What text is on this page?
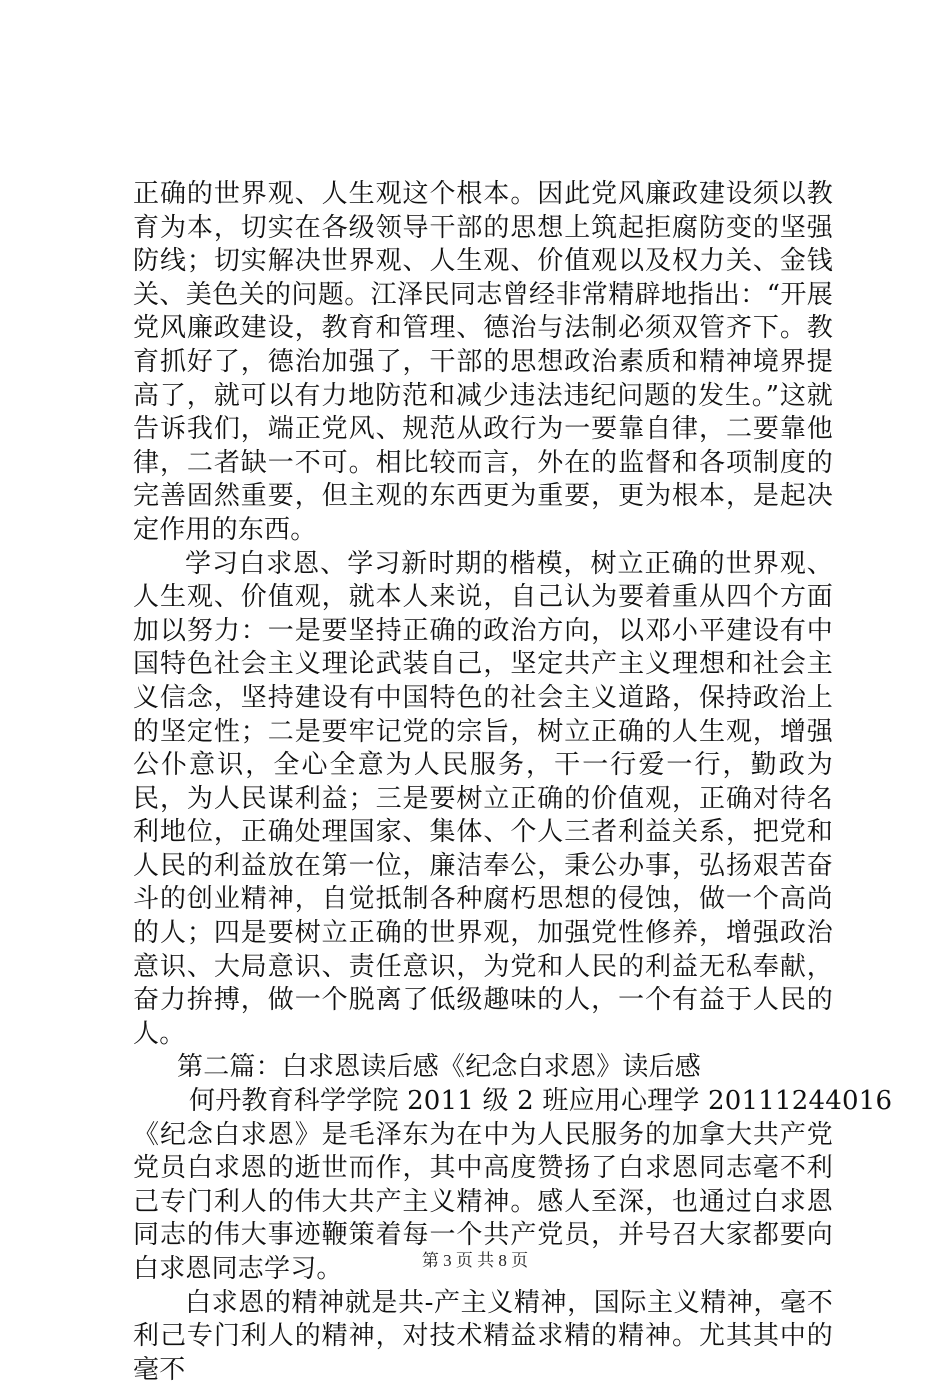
正确的世界观、人生观这个根本。因此党风廉政建设须以教育为本，切实在各级领导干部的思想上筑起拒腐防变的坚强防线；切实解决世界观、人生观、价值观以及权力关、金钱关、美色关的问题。江泽民同志曾经非常精辟地指出：“开展党风廉政建设，教育和管理、德治与法制必须双管齐下。教育抓好了，德治加强了，干部的思想政治素质和精神境界提高了，就可以有力地防范和减少违法违纪问题的发生。”这就告诉我们，端正党风、规范从政行为一要靠自律，二要靠他律，二者缺一不可。相比较而言，外在的监督和各项制度的完善固然重要，但主观的东西更为重要，更为根本，是起决定作用的东西。

学习白求恩、学习新时期的楷模，树立正确的世界观、人生观、价值观，就本人来说，自己认为要着重从四个方面加以努力：一是要坚持正确的政治方向，以邓小平建设有中国特色社会主义理论武装自己，坚定共产主义理想和社会主义信念，坚持建设有中国特色的社会主义道路，保持政治上的坚定性；二是要牢记党的宗旨，树立正确的人生观，增强公仆意识，全心全意为人民服务，干一行爱一行，勤政为民，为人民谋利益；三是要树立正确的价值观，正确对待名利地位，正确处理国家、集体、个人三者利益关系，把党和人民的利益放在第一位，廉洁奉公，秉公办事，弘扬艰苦奋斗的创业精神，自觉抵制各种腐朽思想的侵蚀，做一个高尚的人；四是要树立正确的世界观，加强党性修养，增强政治意识、大局意识、责任意识，为党和人民的利益无私奉献，奋力拚搏，做一个脱离了低级趣味的人，一个有益于人民的人。

第二篇：白求恩读后感《纪念白求恩》读后感

何丹教育科学学院 2011 级 2 班应用心理学 20111244016

《纪念白求恩》是毛泽东为在中为人民服务的加拿大共产党党员白求恩的逝世而作，其中高度赞扬了白求恩同志毫不利己专门利人的伟大共产主义精神。感人至深，也通过白求恩同志的伟大事迹鞭策着每一个共产党员，并号召大家都要向白求恩同志学习。

白求恩的精神就是共-产主义精神，国际主义精神，毫不利己专门利人的精神，对技术精益求精的精神。尤其其中的毫不

第 3 页 共 8 页
